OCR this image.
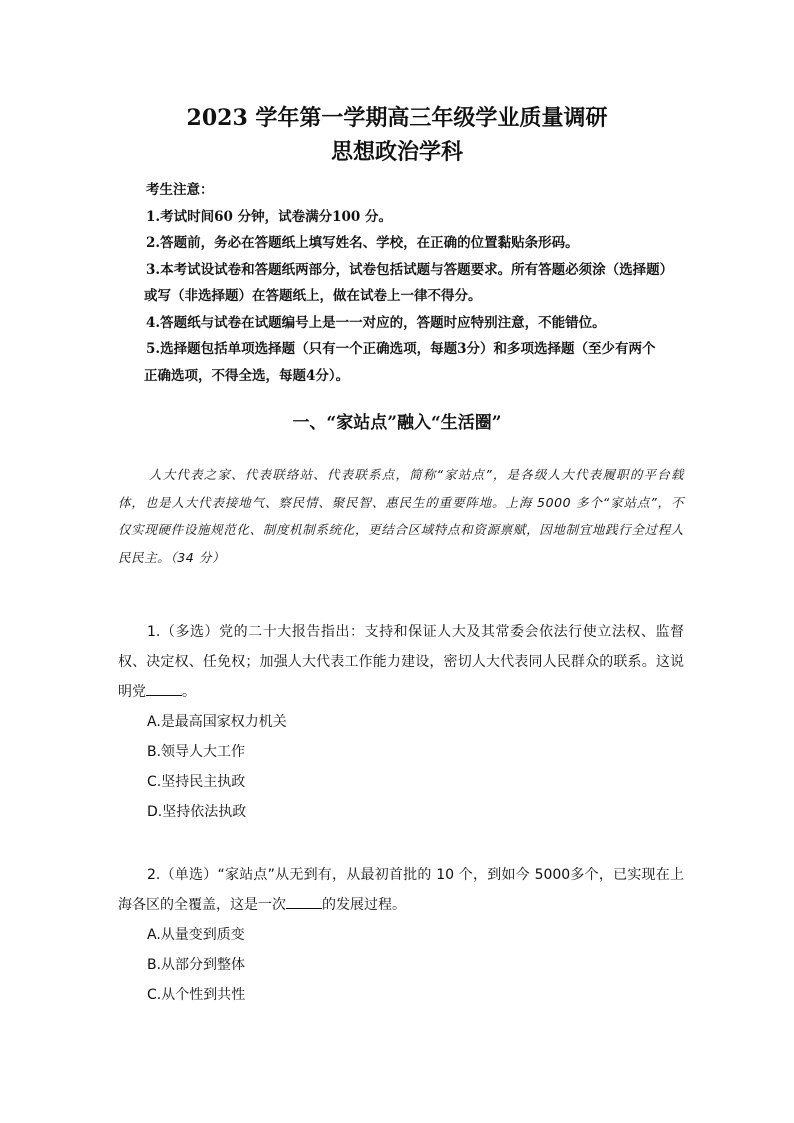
2023 学年第一学期高三年级学业质量调研
思想政治学科

考生注意：

1.考试时间60 分钟，试卷满分100 分。

2.答题前，务必在答题纸上填写姓名、学校，在正确的位置黏贴条形码。

3.本考试设试卷和答题纸两部分，试卷包括试题与答题要求。所有答题必须涂（选择题）

或写（非选择题）在答题纸上，做在试卷上一律不得分。

4.答题纸与试卷在试题编号上是一一对应的，答题时应特别注意，不能错位。

5.选择题包括单项选择题（只有一个正确选项，每题3分）和多项选择题（至少有两个

正确选项，不得全选，每题4分）。

一、“家站点”融入“生活圈”

人大代表之家、代表联络站、代表联系点，简称“家站点”，是各级人大代表履职的平台载体，也是人大代表接地气、察民情、聚民智、惠民生的重要阵地。上海 5000 多个“家站点”，不仅实现硬件设施规范化、制度机制系统化，更结合区域特点和资源禀赋，因地制宜地践行全过程人民民主。（34 分）

1.（多选）党的二十大报告指出：支持和保证人大及其常委会依法行使立法权、监督权、决定权、任免权；加强人大代表工作能力建设，密切人大代表同人民群众的联系。这说明党	。

A.是最高国家权力机关

B.领导人大工作

C.坚持民主执政

D.坚持依法执政

2.（单选）“家站点”从无到有，从最初首批的 10 个，到如今 5000多个，已实现在上海各区的全覆盖，这是一次	的发展过程。

A.从量变到质变

B.从部分到整体

C.从个性到共性
